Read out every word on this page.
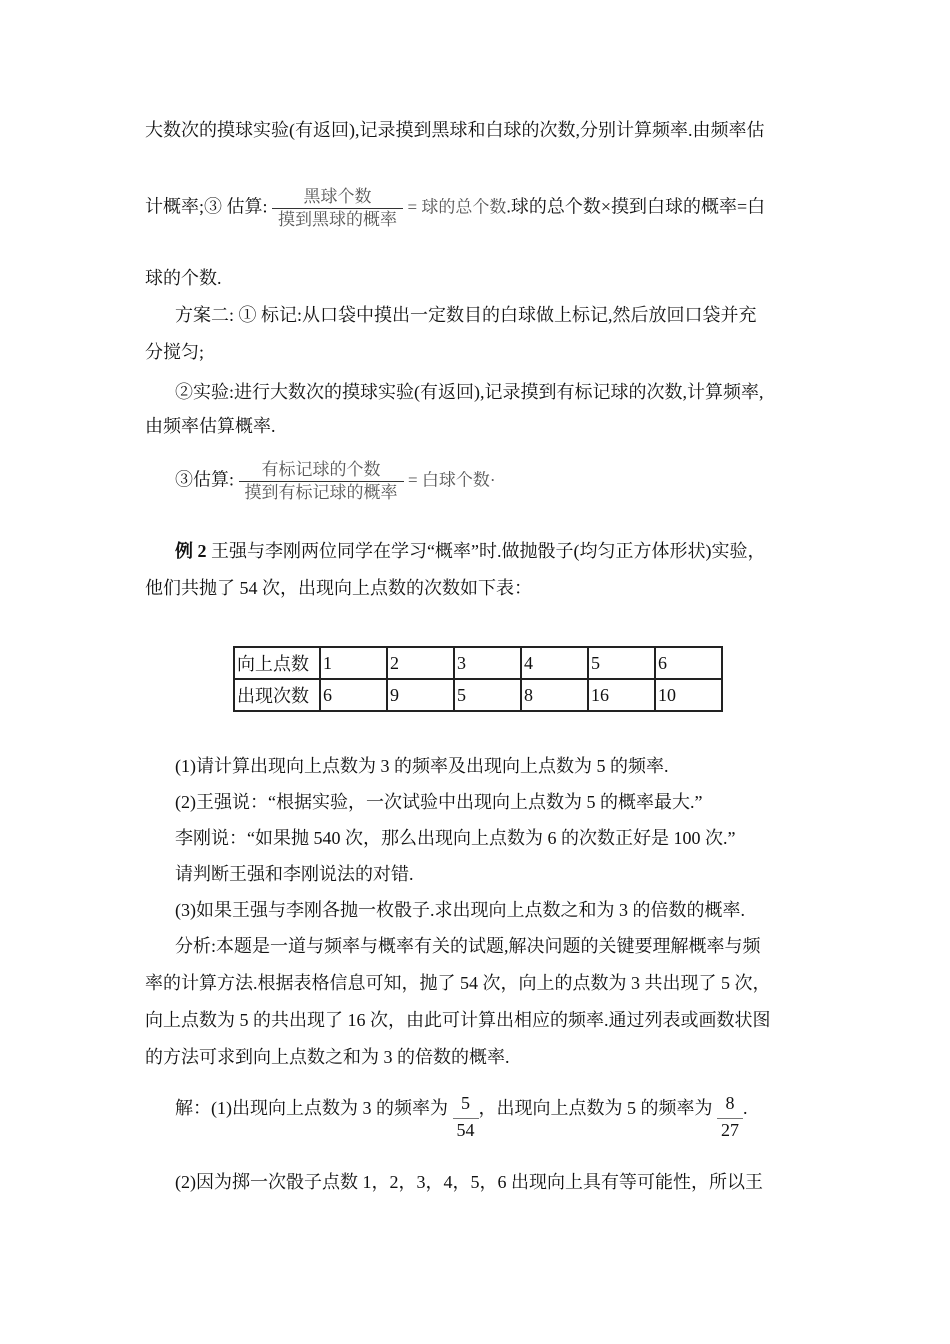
大数次的摸球实验(有返回),记录摸到黑球和白球的次数,分别计算频率.由频率估
计概率;③ 估算: $\frac{\text{黑球个数}}{\text{摸到黑球的概率}}$ = 球的总个数.球的总个数×摸到白球的概率=白
球的个数.
方案二: ① 标记:从口袋中摸出一定数目的白球做上标记,然后放回口袋并充
分搅匀;
②实验:进行大数次的摸球实验(有返回),记录摸到有标记球的次数,计算频率,
由频率估算概率.
③估算: $\frac{\text{有标记球的个数}}{\text{摸到有标记球的概率}}$ = 白球个数·
例 2 王强与李刚两位同学在学习“概率”时.做抛骰子(均匀正方体形状)实验，
他们共抛了 54 次，出现向上点数的次数如下表：
向上点数	1	2	3	4	5	6
出现次数	6	9	5	8	16	10
(1)请计算出现向上点数为 3 的频率及出现向上点数为 5 的频率.
(2)王强说：“根据实验，一次试验中出现向上点数为 5 的概率最大.”
李刚说：“如果抛 540 次，那么出现向上点数为 6 的次数正好是 100 次.”
请判断王强和李刚说法的对错.
(3)如果王强与李刚各抛一枚骰子.求出现向上点数之和为 3 的倍数的概率.
分析:本题是一道与频率与概率有关的试题,解决问题的关键要理解概率与频
率的计算方法.根据表格信息可知，抛了 54 次，向上的点数为 3 共出现了 5 次，
向上点数为 5 的共出现了 16 次，由此可计算出相应的频率.通过列表或画数状图
的方法可求到向上点数之和为 3 的倍数的概率.
解：(1)出现向上点数为 3 的频率为 $\frac{5}{54}$ ，出现向上点数为 5 的频率为 $\frac{8}{27}$ .
(2)因为掷一次骰子点数 1，2，3，4，5，6 出现向上具有等可能性，所以王
